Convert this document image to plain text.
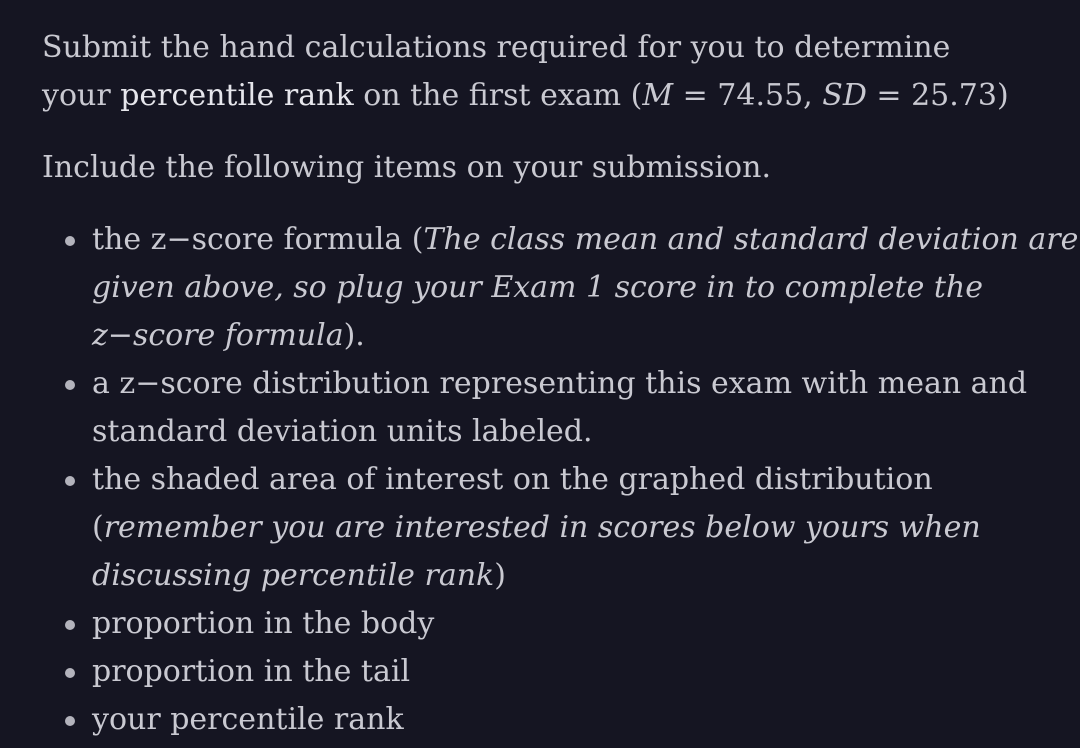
Submit the hand calculations required for you to determine
your percentile rank on the first exam (M = 74.55, SD = 25.73)

Include the following items on your submission.

the z−score formula (The class mean and standard deviation are given above, so plug your Exam 1 score in to complete the z−score formula).
a z−score distribution representing this exam with mean and standard deviation units labeled.
the shaded area of interest on the graphed distribution (remember you are interested in scores below yours when discussing percentile rank)
proportion in the body
proportion in the tail
your percentile rank
